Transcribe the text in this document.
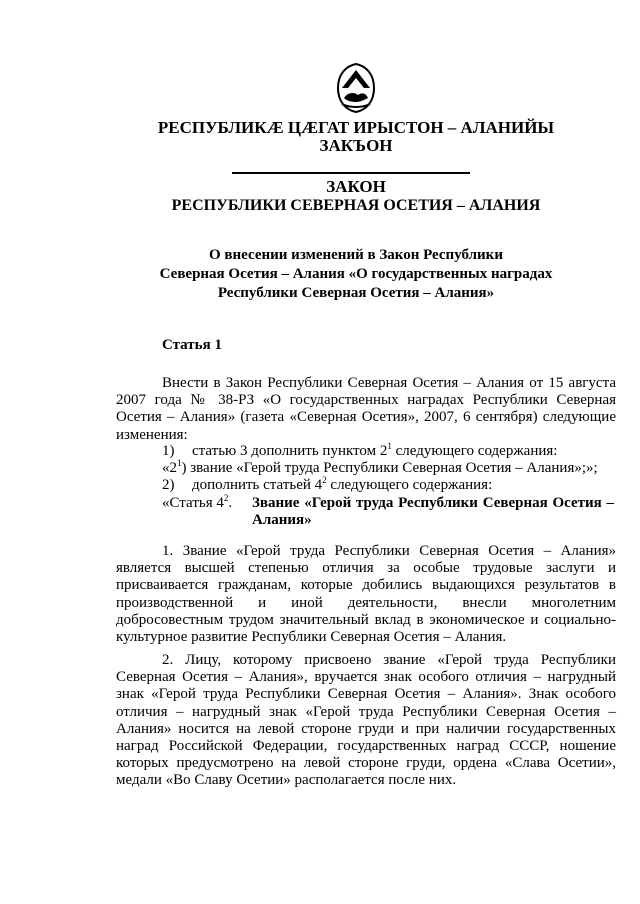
РЕСПУБЛИКÆ ЦÆГАТ ИРЫСТОН – АЛАНИЙЫ
ЗАКЪОН
ЗАКОН
РЕСПУБЛИКИ СЕВЕРНАЯ ОСЕТИЯ – АЛАНИЯ
О внесении изменений в Закон Республики
Северная Осетия – Алания «О государственных наградах
Республики Северная Осетия – Алания»
Статья 1
Внести в Закон Республики Северная Осетия – Алания от 15 августа 2007 года № 38-РЗ «О государственных наградах Республики Северная Осетия – Алания» (газета «Северная Осетия», 2007, 6 сентября) следующие изменения:
1) статью 3 дополнить пунктом $2^1$ следующего содержания:
«$2^1$) звание «Герой труда Республики Северная Осетия – Алания»;»;
2) дополнить статьей $4^2$ следующего содержания:
«Статья $4^2$. Звание «Герой труда Республики Северная Осетия – Алания»
1. Звание «Герой труда Республики Северная Осетия – Алания» является высшей степенью отличия за особые трудовые заслуги и присваивается гражданам, которые добились выдающихся результатов в производственной и иной деятельности, внесли многолетним добросовестным трудом значительный вклад в экономическое и социально-культурное развитие Республики Северная Осетия – Алания.
2. Лицу, которому присвоено звание «Герой труда Республики Северная Осетия – Алания», вручается знак особого отличия – нагрудный знак «Герой труда Республики Северная Осетия – Алания». Знак особого отличия – нагрудный знак «Герой труда Республики Северная Осетия – Алания» носится на левой стороне груди и при наличии государственных наград Российской Федерации, государственных наград СССР, ношение которых предусмотрено на левой стороне груди, ордена «Слава Осетии», медали «Во Славу Осетии» располагается после них.
